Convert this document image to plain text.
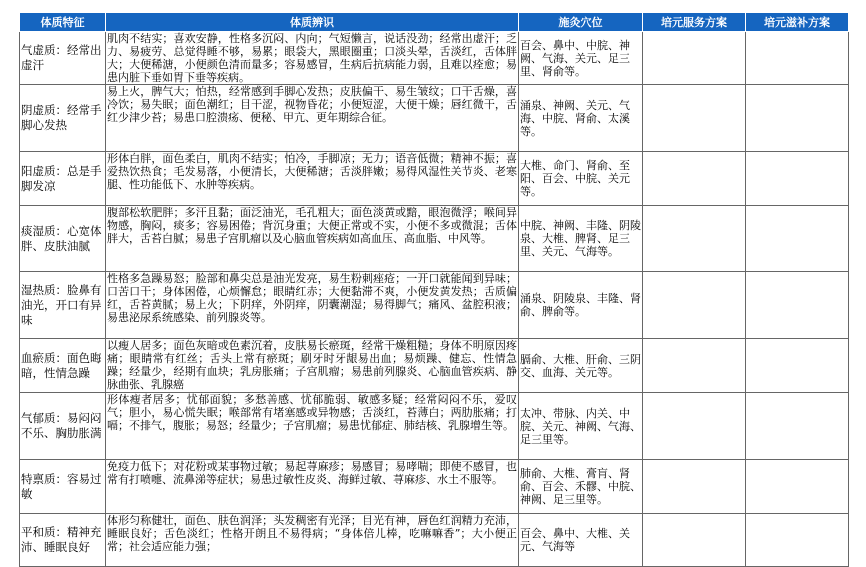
体质特征	体质辨识	施灸穴位	培元服务方案	培元滋补方案
气虚质：经常出虚汗	肌肉不结实；喜欢安静，性格多沉闷、内向；气短懒言，说话没劲；经常出虚汗；乏力、易疲劳、总觉得睡不够，易累；眼袋大，黑眼圈重；口淡头晕，舌淡红，舌体胖大；大便稀溏，小便颜色清而量多；容易感冒，生病后抗病能力弱，且难以痊愈；易患内脏下垂如胃下垂等疾病。	百会、鼻中、中脘、神阙、气海、关元、足三里、肾俞等。		
阴虚质：经常手脚心发热	易上火，脾气大；怕热，经常感到手脚心发热；皮肤偏干、易生皱纹；口干舌燥，喜冷饮；易失眠；面色潮红；目干涩，视物昏花；小便短涩，大便干燥；唇红微干，舌红少津少苔；易患口腔溃疡、便秘、甲亢、更年期综合征。	涌泉、神阙、关元、气海、中脘、肾俞、太溪等。		
阳虚质：总是手脚发凉	形体白胖，面色柔白，肌肉不结实；怕冷，手脚凉；无力；语音低微；精神不振；喜爱热饮热食；毛发易落，小便清长，大便稀溏；舌淡胖嫩；易得风湿性关节炎、老寒腿、性功能低下、水肿等疾病。	大椎、命门、肾俞、至阳、百会、中脘、关元等。		
痰湿质：心宽体胖、皮肤油腻	腹部松软肥胖；多汗且黏；面泛油光，毛孔粗大；面色淡黄或黯，眼泡微浮；喉间异物感，胸闷，痰多；容易困倦；背沉身重；大便正常或不实，小便不多或微混；舌体胖大，舌苔白腻；易患子宫肌瘤以及心脑血管疾病如高血压、高血脂、中风等。	中脘、神阙、丰隆、阴陵泉、大椎、脾肾、足三里、关元、气海等。		
湿热质：脸鼻有油光，开口有异味	性格多急躁易怒；脸部和鼻尖总是油光发亮，易生粉刺痤疮；一开口就能闻到异味；口苦口干；身体困倦，心烦懈怠；眼睛红赤；大便黏滞不爽，小便发黄发热；舌质偏红，舌苔黄腻；易上火；下阴痒，外阴痒，阴囊潮湿；易得脚气；痛风、盆腔积液；易患泌尿系统感染、前列腺炎等。	涌泉、阴陵泉、丰隆、肾俞、脾俞等。		
血瘀质：面色晦暗，性情急躁	以瘦人居多；面色灰暗或色素沉着，皮肤易长瘀斑，经常干燥粗糙；身体不明原因疼痛；眼睛常有红丝；舌头上常有瘀斑；刷牙时牙龈易出血；易烦躁、健忘、性情急躁；经量少，经期有血块；乳房胀痛；子宫肌瘤；易患前列腺炎、心脑血管疾病、静脉曲张、乳腺癌	膈俞、大椎、肝俞、三阴交、血海、关元等。		
气郁质：易闷闷不乐、胸肋胀满	形体瘦者居多；忧郁面貌；多愁善感、忧郁脆弱、敏感多疑；经常闷闷不乐，爱叹气；胆小，易心慌失眠；喉部常有堵塞感或异物感；舌淡红，苔薄白；两肋胀痛；打嗝；不排气，腹胀；易怒；经量少；子宫肌瘤；易患忧郁症、肺结核、乳腺增生等。	太冲、带脉、内关、中脘、关元、神阙、气海、足三里等。		
特禀质：容易过敏	免疫力低下；对花粉或某事物过敏；易起荨麻疹；易感冒；易哮喘；即使不感冒，也常有打喷嚏、流鼻涕等症状；易患过敏性皮炎、海鲜过敏、荨麻疹、水土不服等。	肺俞、大椎、膏肓、肾俞、百会、禾髎、中脘、神阙、足三里等。		
平和质：精神充沛、睡眠良好	体形匀称健壮，面色、肤色润泽；头发稠密有光泽；目光有神，唇色红润精力充沛，睡眠良好；舌色淡红；性格开朗且不易得病；“身体倍儿棒，吃嘛嘛香”；大小便正常；社会适应能力强；	百会、鼻中、大椎、关元、气海等		
